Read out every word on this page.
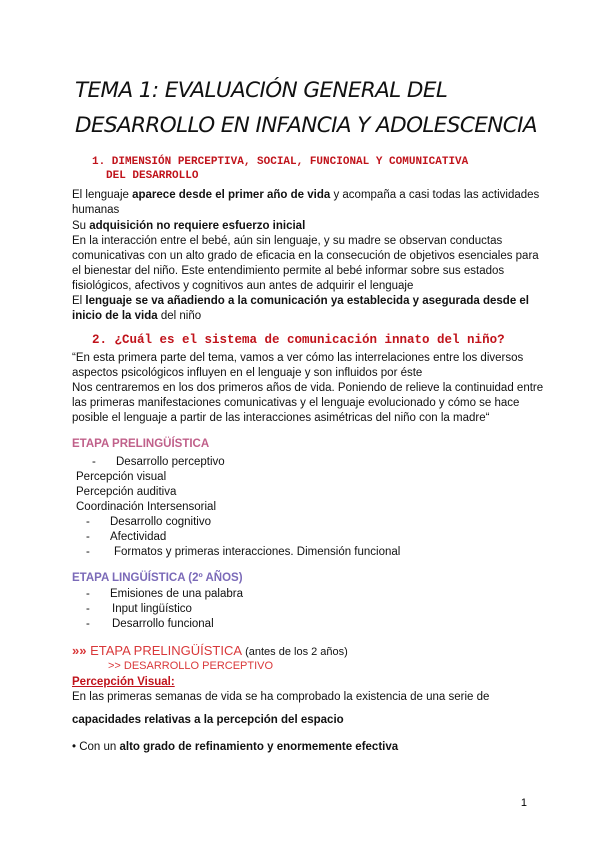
TEMA 1: EVALUACIÓN GENERAL DEL
DESARROLLO EN INFANCIA Y ADOLESCENCIA
1. DIMENSIÓN PERCEPTIVA, SOCIAL, FUNCIONAL Y COMUNICATIVA
DEL DESARROLLO
El lenguaje aparece desde el primer año de vida y acompaña a casi todas las actividades
humanas
Su adquisición no requiere esfuerzo inicial
En la interacción entre el bebé, aún sin lenguaje, y su madre se observan conductas
comunicativas con un alto grado de eficacia en la consecución de objetivos esenciales para
el bienestar del niño. Este entendimiento permite al bebé informar sobre sus estados
fisiológicos, afectivos y cognitivos aun antes de adquirir el lenguaje
El lenguaje se va añadiendo a la comunicación ya establecida y asegurada desde el
inicio de la vida del niño
2. ¿Cuál es el sistema de comunicación innato del niño?
“En esta primera parte del tema, vamos a ver cómo las interrelaciones entre los diversos
aspectos psicológicos influyen en el lenguaje y son influidos por éste
Nos centraremos en los dos primeros años de vida. Poniendo de relieve la continuidad entre
las primeras manifestaciones comunicativas y el lenguaje evolucionado y cómo se hace
posible el lenguaje a partir de las interacciones asimétricas del niño con la madre“
ETAPA PRELINGÜÍSTICA
- Desarrollo perceptivo
Percepción visual
Percepción auditiva
Coordinación Intersensorial
- Desarrollo cognitivo
- Afectividad
- Formatos y primeras interacciones. Dimensión funcional
ETAPA LINGÜÍSTICA (2º AÑOS)
- Emisiones de una palabra
- Input lingüístico
- Desarrollo funcional
»» ETAPA PRELINGÜÍSTICA (antes de los 2 años)
>> DESARROLLO PERCEPTIVO
Percepción Visual:
En las primeras semanas de vida se ha comprobado la existencia de una serie de
capacidades relativas a la percepción del espacio
• Con un alto grado de refinamiento y enormemente efectiva
1
